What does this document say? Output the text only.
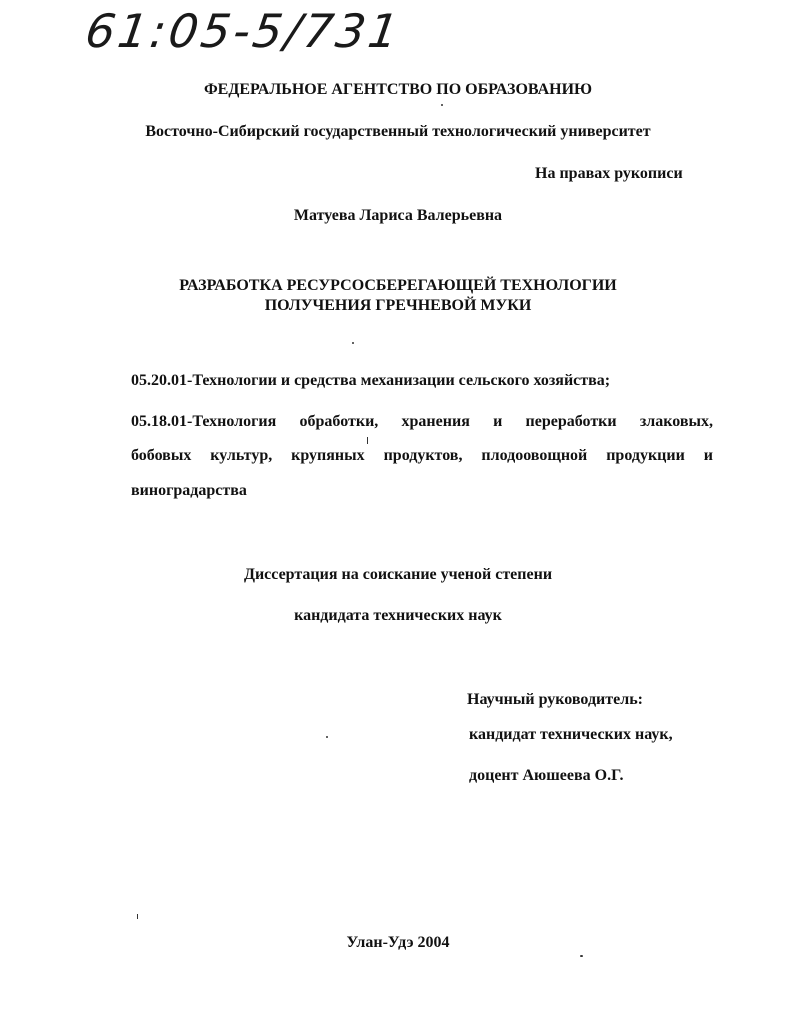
61:05-5/731
ФЕДЕРАЛЬНОЕ АГЕНТСТВО ПО ОБРАЗОВАНИЮ
Восточно-Сибирский государственный технологический университет
На правах рукописи
Матуева Лариса Валерьевна
РАЗРАБОТКА РЕСУРСОСБЕРЕГАЮЩЕЙ ТЕХНОЛОГИИ
ПОЛУЧЕНИЯ ГРЕЧНЕВОЙ МУКИ
05.20.01-Технологии и средства механизации сельского хозяйства;
05.18.01-Технология обработки, хранения и переработки злаковых,
бобовых культур, крупяных продуктов, плодоовощной продукции и
виноградарства
Диссертация на соискание ученой степени
кандидата технических наук
Научный руководитель:
кандидат технических наук,
доцент Аюшеева О.Г.
Улан-Удэ 2004
